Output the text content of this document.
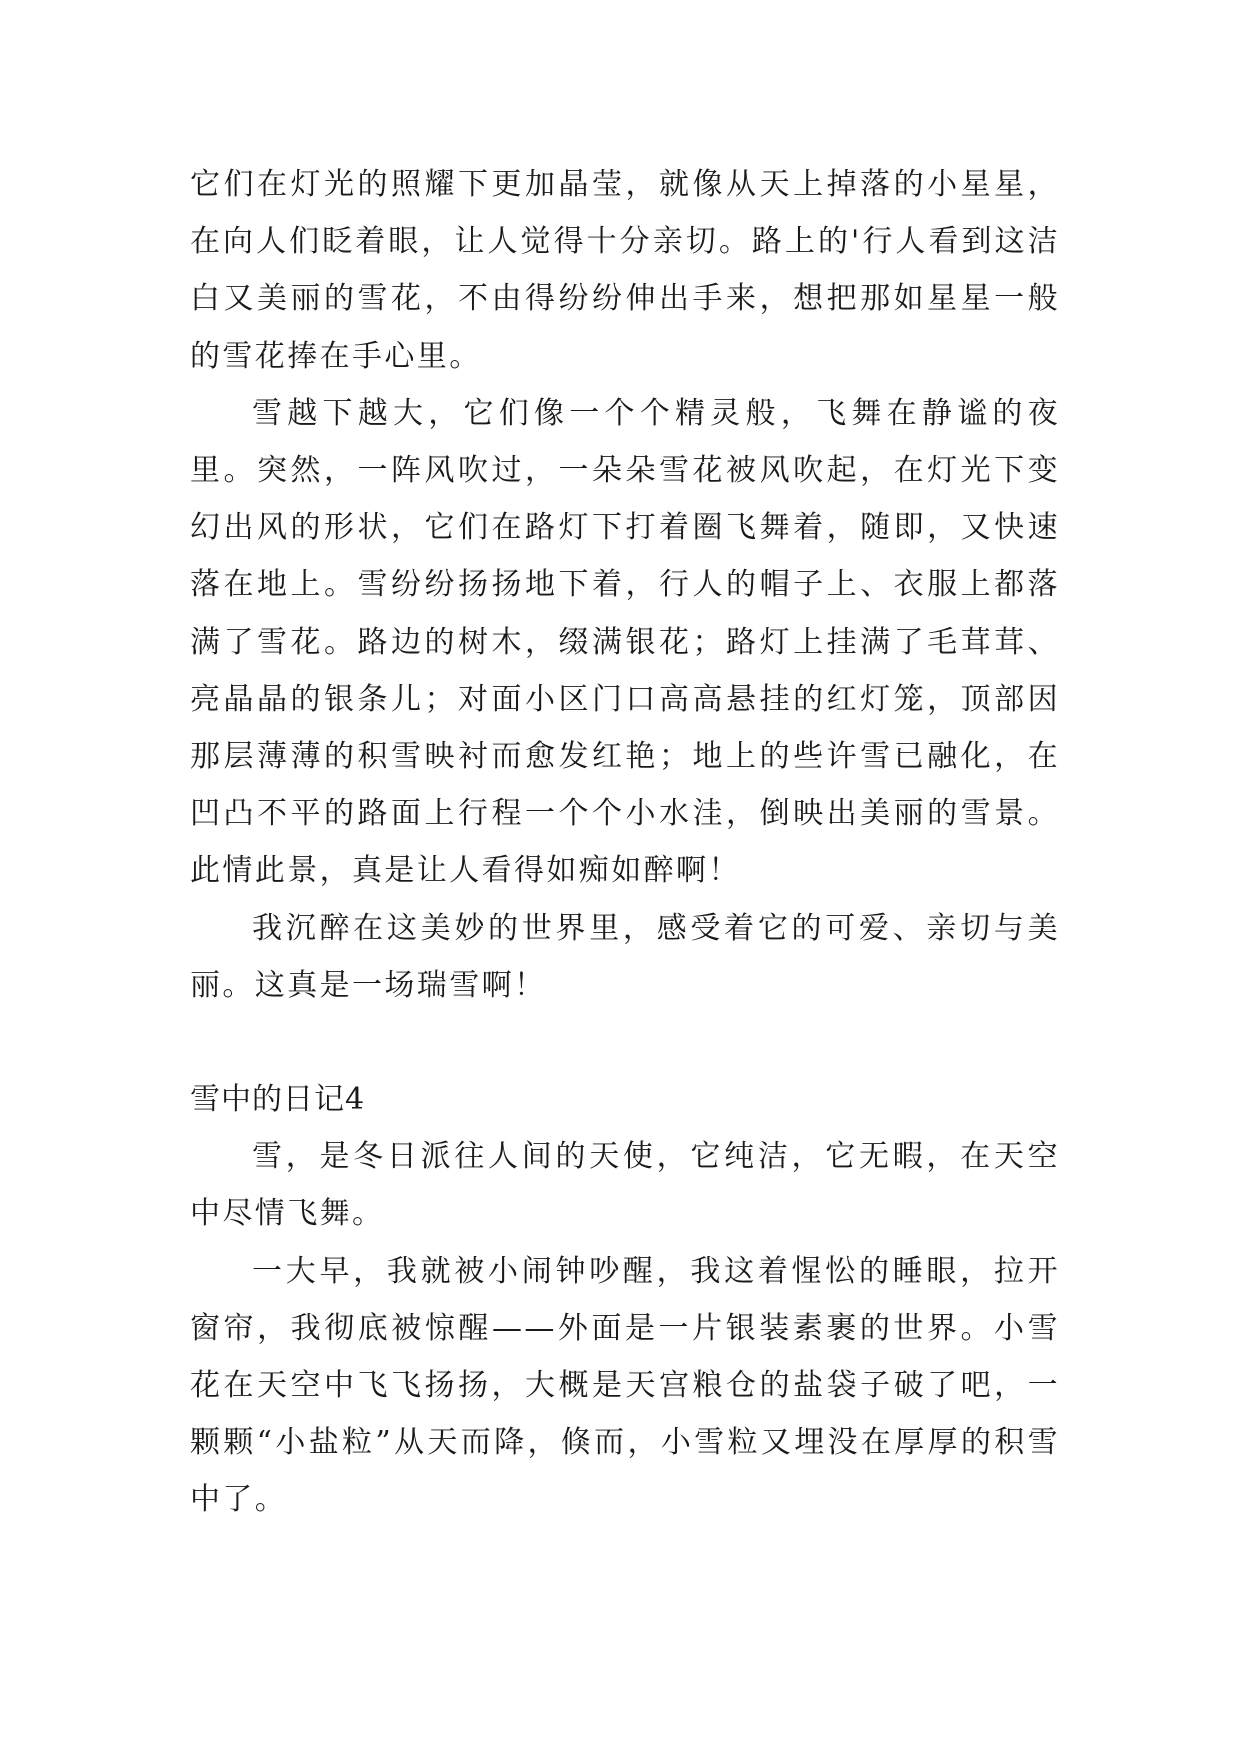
它们在灯光的照耀下更加晶莹，就像从天上掉落的小星星，在向人们眨着眼，让人觉得十分亲切。路上的'行人看到这洁白又美丽的雪花，不由得纷纷伸出手来，想把那如星星一般的雪花捧在手心里。

雪越下越大，它们像一个个精灵般，飞舞在静谧的夜里。突然，一阵风吹过，一朵朵雪花被风吹起，在灯光下变幻出风的形状，它们在路灯下打着圈飞舞着，随即，又快速落在地上。雪纷纷扬扬地下着，行人的帽子上、衣服上都落满了雪花。路边的树木，缀满银花；路灯上挂满了毛茸茸、亮晶晶的银条儿；对面小区门口高高悬挂的红灯笼，顶部因那层薄薄的积雪映衬而愈发红艳；地上的些许雪已融化，在凹凸不平的路面上行程一个个小水洼，倒映出美丽的雪景。此情此景，真是让人看得如痴如醉啊！

我沉醉在这美妙的世界里，感受着它的可爱、亲切与美丽。这真是一场瑞雪啊！

雪中的日记4

雪，是冬日派往人间的天使，它纯洁，它无暇，在天空中尽情飞舞。

一大早，我就被小闹钟吵醒，我这着惺忪的睡眼，拉开窗帘，我彻底被惊醒——外面是一片银装素裹的世界。小雪花在天空中飞飞扬扬，大概是天宫粮仓的盐袋子破了吧，一颗颗“小盐粒”从天而降，倏而，小雪粒又埋没在厚厚的积雪中了。
